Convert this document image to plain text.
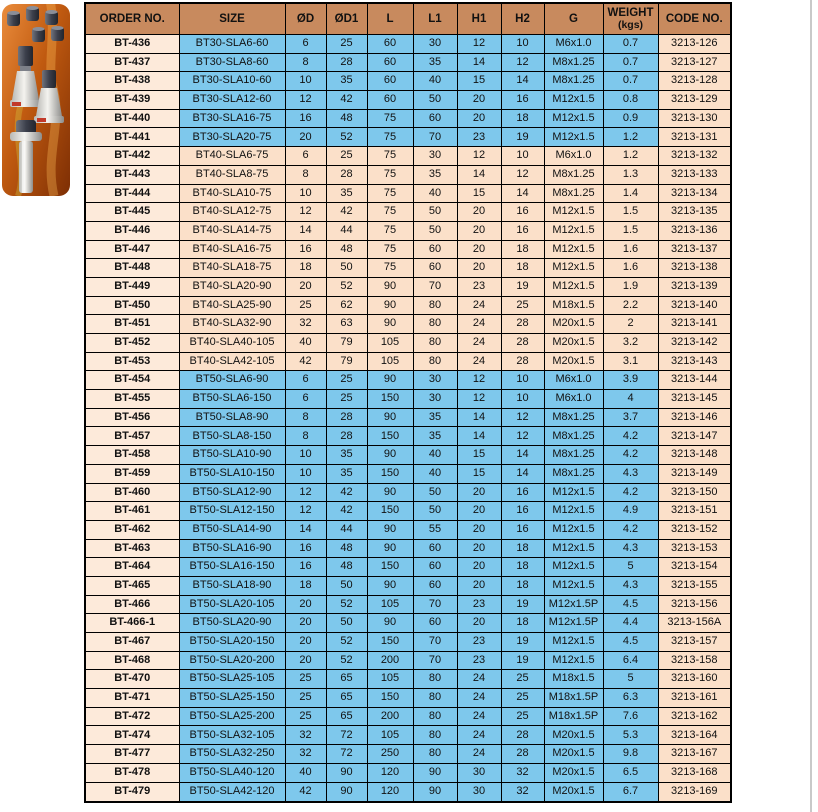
ORDER NO.	SIZE	ØD	ØD1	L	L1	H1	H2	G	WEIGHT
(kgs)	CODE NO.
BT-436	BT30-SLA6-60	6	25	60	30	12	10	M6x1.0	0.7	3213-126
BT-437	BT30-SLA8-60	8	28	60	35	14	12	M8x1.25	0.7	3213-127
BT-438	BT30-SLA10-60	10	35	60	40	15	14	M8x1.25	0.7	3213-128
BT-439	BT30-SLA12-60	12	42	60	50	20	16	M12x1.5	0.8	3213-129
BT-440	BT30-SLA16-75	16	48	75	60	20	18	M12x1.5	0.9	3213-130
BT-441	BT30-SLA20-75	20	52	75	70	23	19	M12x1.5	1.2	3213-131
BT-442	BT40-SLA6-75	6	25	75	30	12	10	M6x1.0	1.2	3213-132
BT-443	BT40-SLA8-75	8	28	75	35	14	12	M8x1.25	1.3	3213-133
BT-444	BT40-SLA10-75	10	35	75	40	15	14	M8x1.25	1.4	3213-134
BT-445	BT40-SLA12-75	12	42	75	50	20	16	M12x1.5	1.5	3213-135
BT-446	BT40-SLA14-75	14	44	75	50	20	16	M12x1.5	1.5	3213-136
BT-447	BT40-SLA16-75	16	48	75	60	20	18	M12x1.5	1.6	3213-137
BT-448	BT40-SLA18-75	18	50	75	60	20	18	M12x1.5	1.6	3213-138
BT-449	BT40-SLA20-90	20	52	90	70	23	19	M12x1.5	1.9	3213-139
BT-450	BT40-SLA25-90	25	62	90	80	24	25	M18x1.5	2.2	3213-140
BT-451	BT40-SLA32-90	32	63	90	80	24	28	M20x1.5	2	3213-141
BT-452	BT40-SLA40-105	40	79	105	80	24	28	M20x1.5	3.2	3213-142
BT-453	BT40-SLA42-105	42	79	105	80	24	28	M20x1.5	3.1	3213-143
BT-454	BT50-SLA6-90	6	25	90	30	12	10	M6x1.0	3.9	3213-144
BT-455	BT50-SLA6-150	6	25	150	30	12	10	M6x1.0	4	3213-145
BT-456	BT50-SLA8-90	8	28	90	35	14	12	M8x1.25	3.7	3213-146
BT-457	BT50-SLA8-150	8	28	150	35	14	12	M8x1.25	4.2	3213-147
BT-458	BT50-SLA10-90	10	35	90	40	15	14	M8x1.25	4.2	3213-148
BT-459	BT50-SLA10-150	10	35	150	40	15	14	M8x1.25	4.3	3213-149
BT-460	BT50-SLA12-90	12	42	90	50	20	16	M12x1.5	4.2	3213-150
BT-461	BT50-SLA12-150	12	42	150	50	20	16	M12x1.5	4.9	3213-151
BT-462	BT50-SLA14-90	14	44	90	55	20	16	M12x1.5	4.2	3213-152
BT-463	BT50-SLA16-90	16	48	90	60	20	18	M12x1.5	4.3	3213-153
BT-464	BT50-SLA16-150	16	48	150	60	20	18	M12x1.5	5	3213-154
BT-465	BT50-SLA18-90	18	50	90	60	20	18	M12x1.5	4.3	3213-155
BT-466	BT50-SLA20-105	20	52	105	70	23	19	M12x1.5P	4.5	3213-156
BT-466-1	BT50-SLA20-90	20	50	90	60	20	18	M12x1.5P	4.4	3213-156A
BT-467	BT50-SLA20-150	20	52	150	70	23	19	M12x1.5	4.5	3213-157
BT-468	BT50-SLA20-200	20	52	200	70	23	19	M12x1.5	6.4	3213-158
BT-470	BT50-SLA25-105	25	65	105	80	24	25	M18x1.5	5	3213-160
BT-471	BT50-SLA25-150	25	65	150	80	24	25	M18x1.5P	6.3	3213-161
BT-472	BT50-SLA25-200	25	65	200	80	24	25	M18x1.5P	7.6	3213-162
BT-474	BT50-SLA32-105	32	72	105	80	24	28	M20x1.5	5.3	3213-164
BT-477	BT50-SLA32-250	32	72	250	80	24	28	M20x1.5	9.8	3213-167
BT-478	BT50-SLA40-120	40	90	120	90	30	32	M20x1.5	6.5	3213-168
BT-479	BT50-SLA42-120	42	90	120	90	30	32	M20x1.5	6.7	3213-169
